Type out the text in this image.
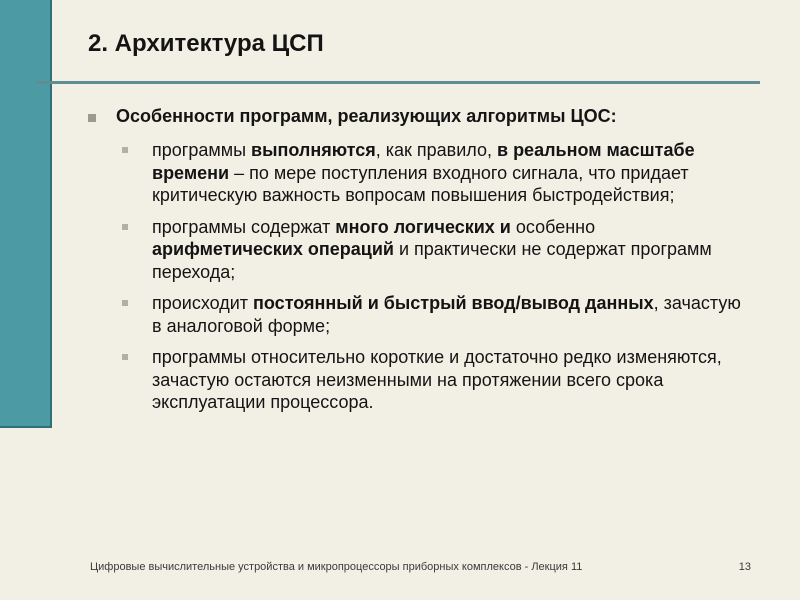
2. Архитектура ЦСП
Особенности программ, реализующих алгоритмы ЦОС:
программы выполняются, как правило, в реальном масштабе времени – по мере поступления входного сигнала, что придает критическую важность вопросам повышения быстродействия;
программы содержат много логических и особенно арифметических операций и практически не содержат программ перехода;
происходит постоянный и быстрый ввод/вывод данных, зачастую в аналоговой форме;
программы относительно короткие и достаточно редко изменяются, зачастую остаются неизменными на протяжении всего срока эксплуатации процессора.
Цифровые вычислительные устройства и микропроцессоры приборных комплексов - Лекция 11	13
